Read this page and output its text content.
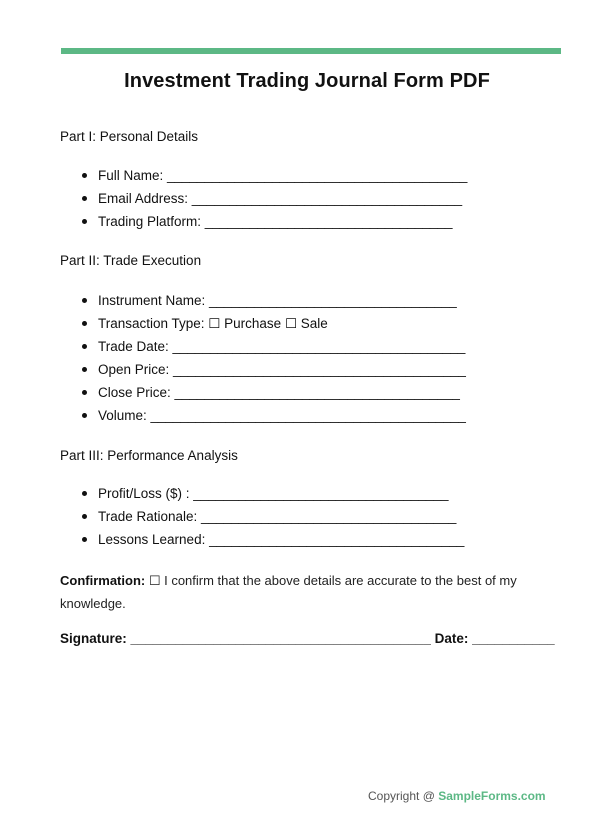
Investment Trading Journal Form PDF
Part I: Personal Details
Full Name: ________________________________________
Email Address: ____________________________________
Trading Platform: _________________________________
Part II: Trade Execution
Instrument Name: _________________________________
Transaction Type: ☐ Purchase ☐ Sale
Trade Date: _______________________________________
Open Price: _______________________________________
Close Price: ______________________________________
Volume: __________________________________________
Part III: Performance Analysis
Profit/Loss ($) : __________________________________
Trade Rationale: __________________________________
Lessons Learned: __________________________________
Confirmation: ☐ I confirm that the above details are accurate to the best of my knowledge.
Signature: ________________________________________ Date: ___________
Copyright @ SampleForms.com
